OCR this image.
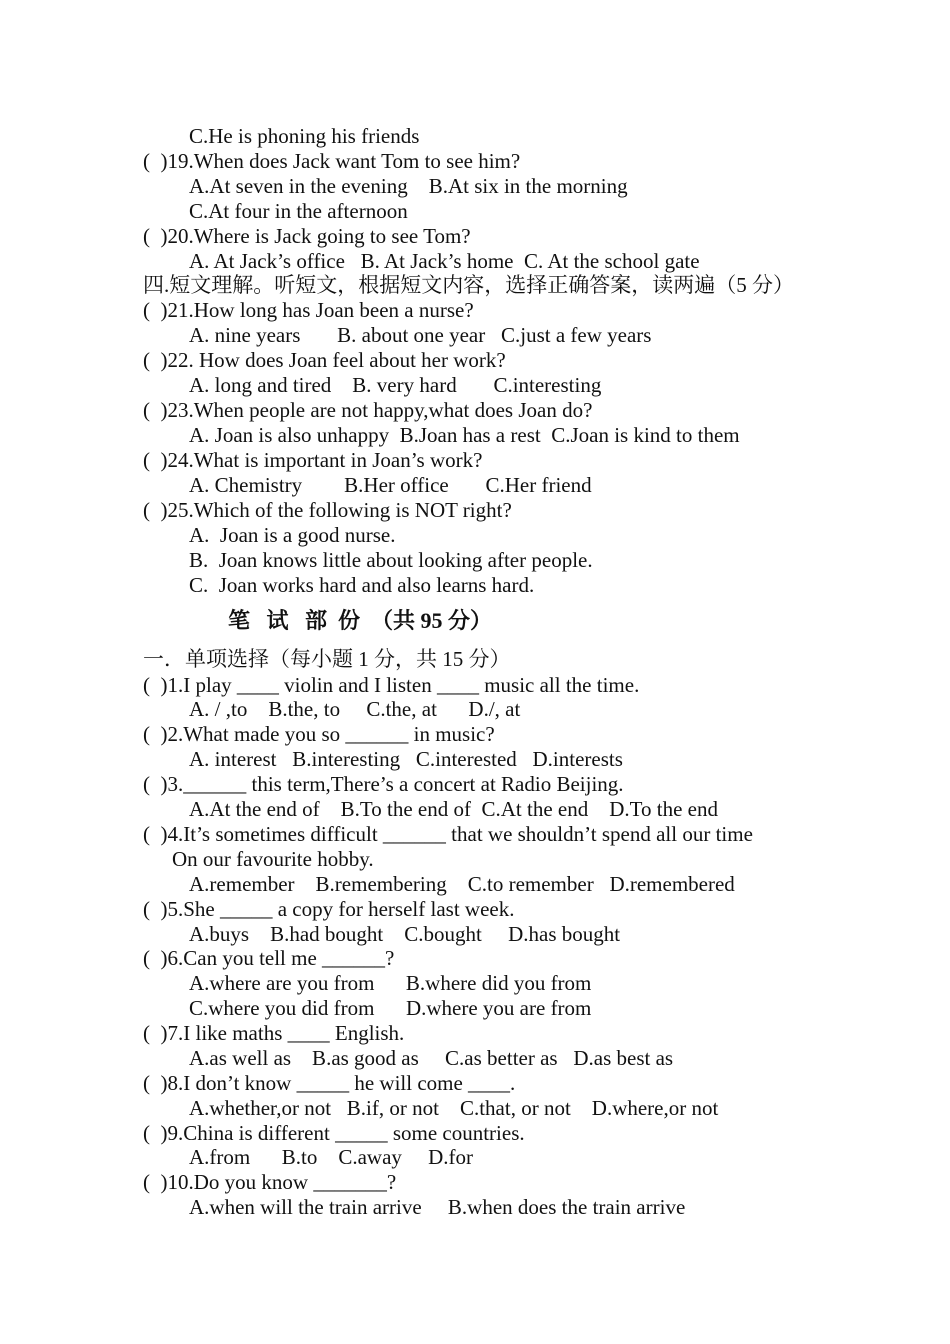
C.He is phoning his friends
(  )19.When does Jack want Tom to see him?
A.At seven in the evening    B.At six in the morning
C.At four in the afternoon
(  )20.Where is Jack going to see Tom?
A. At Jack’s office   B. At Jack’s home  C. At the school gate
四.短文理解。听短文，根据短文内容，选择正确答案，读两遍（5 分）
(  )21.How long has Joan been a nurse?
A. nine years       B. about one year   C.just a few years
(  )22. How does Joan feel about her work?
A. long and tired    B. very hard       C.interesting
(  )23.When people are not happy,what does Joan do?
A. Joan is also unhappy  B.Joan has a rest  C.Joan is kind to them
(  )24.What is important in Joan’s work?
A. Chemistry        B.Her office       C.Her friend
(  )25.Which of the following is NOT right?
A.  Joan is a good nurse.
B.  Joan knows little about looking after people.
C.  Joan works hard and also learns hard.
笔   试   部  份  （共 95 分）
一．单项选择（每小题 1 分，共 15 分）
(  )1.I play ____ violin and I listen ____ music all the time.
A. / ,to    B.the, to     C.the, at      D./, at
(  )2.What made you so ______ in music?
A. interest   B.interesting   C.interested   D.interests
(  )3.______ this term,There’s a concert at Radio Beijing.
A.At the end of    B.To the end of  C.At the end    D.To the end
(  )4.It’s sometimes difficult ______ that we shouldn’t spend all our time
On our favourite hobby.
A.remember    B.remembering    C.to remember   D.remembered
(  )5.She _____ a copy for herself last week.
A.buys    B.had bought    C.bought     D.has bought
(  )6.Can you tell me ______?
A.where are you from      B.where did you from
C.where you did from      D.where you are from
(  )7.I like maths ____ English.
A.as well as    B.as good as     C.as better as   D.as best as
(  )8.I don’t know _____ he will come ____.
A.whether,or not   B.if, or not    C.that, or not    D.where,or not
(  )9.China is different _____ some countries.
A.from      B.to    C.away     D.for
(  )10.Do you know _______?
A.when will the train arrive     B.when does the train arrive
